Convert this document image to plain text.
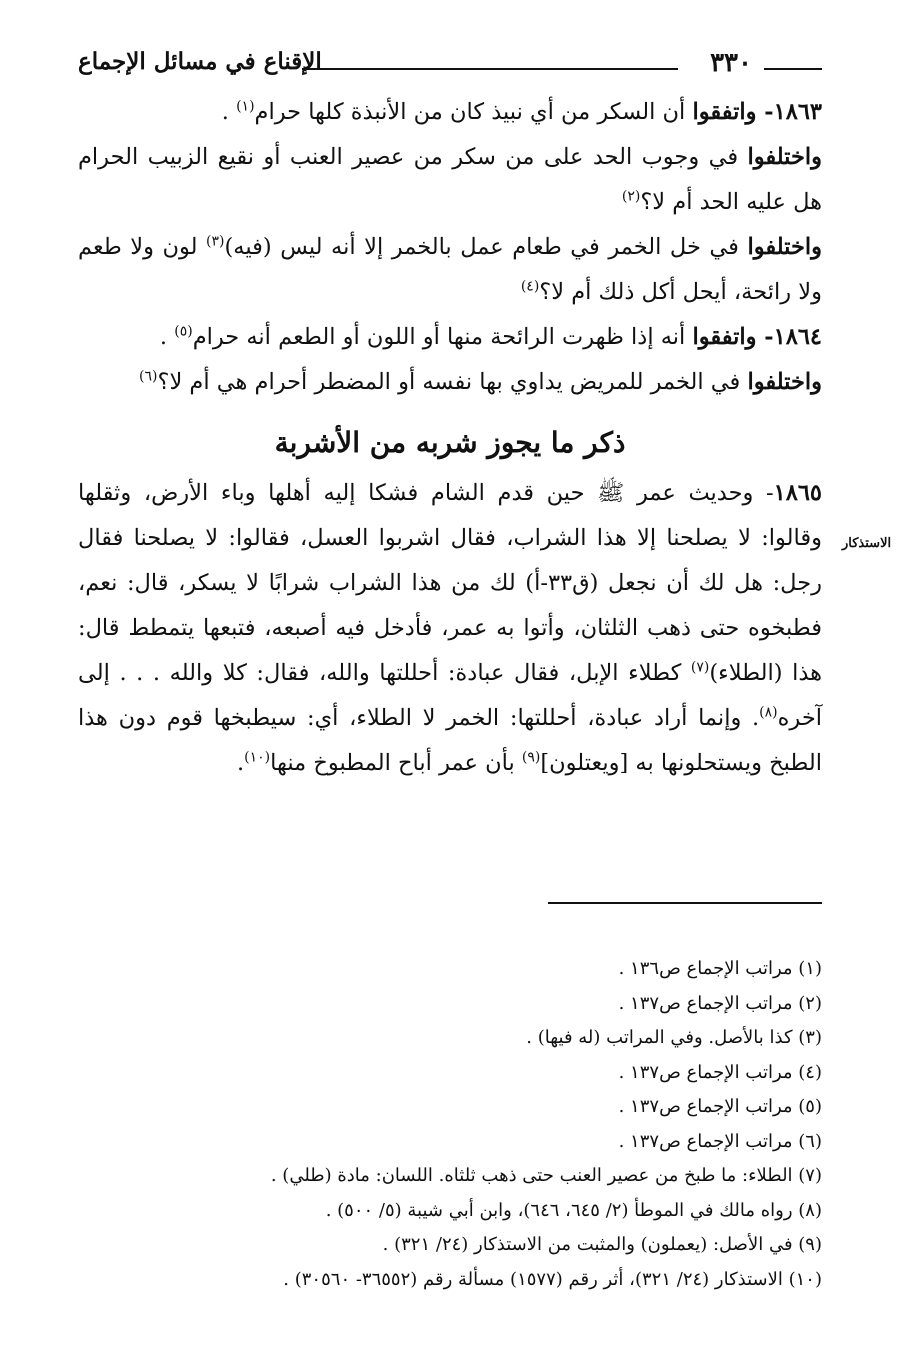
٣٣٠
الإقناع في مسائل الإجماع

١٨٦٣- واتفقوا أن السكر من أي نبيذ كان من الأنبذة كلها حرام$^{(١)}$ .

واختلفوا في وجوب الحد على من سكر من عصير العنب أو نقيع الزبيب الحرام هل عليه الحد أم لا؟$^{(٢)}$

واختلفوا في خل الخمر في طعام عمل بالخمر إلا أنه ليس (فيه)$^{(٣)}$ لون ولا طعم ولا رائحة، أيحل أكل ذلك أم لا؟$^{(٤)}$

١٨٦٤- واتفقوا أنه إذا ظهرت الرائحة منها أو اللون أو الطعم أنه حرام$^{(٥)}$ .

واختلفوا في الخمر للمريض يداوي بها نفسه أو المضطر أحرام هي أم لا؟$^{(٦)}$

ذكر ما يجوز شربه من الأشربة

١٨٦٥- وحديث عمر ﷺ حين قدم الشام فشكا إليه أهلها وباء الأرض، وثقلها وقالوا: لا يصلحنا إلا هذا الشراب، فقال اشربوا العسل، فقالوا: لا يصلحنا فقال رجل: هل لك أن نجعل (ق٣٣-أ) لك من هذا الشراب شرابًا لا يسكر، قال: نعم، فطبخوه حتى ذهب الثلثان، وأتوا به عمر، فأدخل فيه أصبعه، فتبعها يتمطط قال: هذا (الطلاء)$^{(٧)}$ كطلاء الإبل، فقال عبادة: أحللتها والله، فقال: كلا والله . . . إلى آخره$^{(٨)}$. وإنما أراد عبادة، أحللتها: الخمر لا الطلاء، أي: سيطبخها قوم دون هذا الطبخ ويستحلونها به [ويعتلون]$^{(٩)}$ بأن عمر أباح المطبوخ منها$^{(١٠)}$.

الاستذكار
(١) مراتب الإجماع ص١٣٦ .
(٢) مراتب الإجماع ص١٣٧ .
(٣) كذا بالأصل. وفي المراتب (له فيها) .
(٤) مراتب الإجماع ص١٣٧ .
(٥) مراتب الإجماع ص١٣٧ .
(٦) مراتب الإجماع ص١٣٧ .
(٧) الطلاء: ما طبخ من عصير العنب حتى ذهب ثلثاه. اللسان: مادة (طلي) .
(٨) رواه مالك في الموطأ (٢/ ٦٤٥، ٦٤٦)، وابن أبي شيبة (٥/ ٥٠٠) .
(٩) في الأصل: (يعملون) والمثبت من الاستذكار (٢٤/ ٣٢١) .
(١٠) الاستذكار (٢٤/ ٣٢١)، أثر رقم (١٥٧٧) مسألة رقم (٣٦٥٥٢- ٣٠٥٦٠) .
